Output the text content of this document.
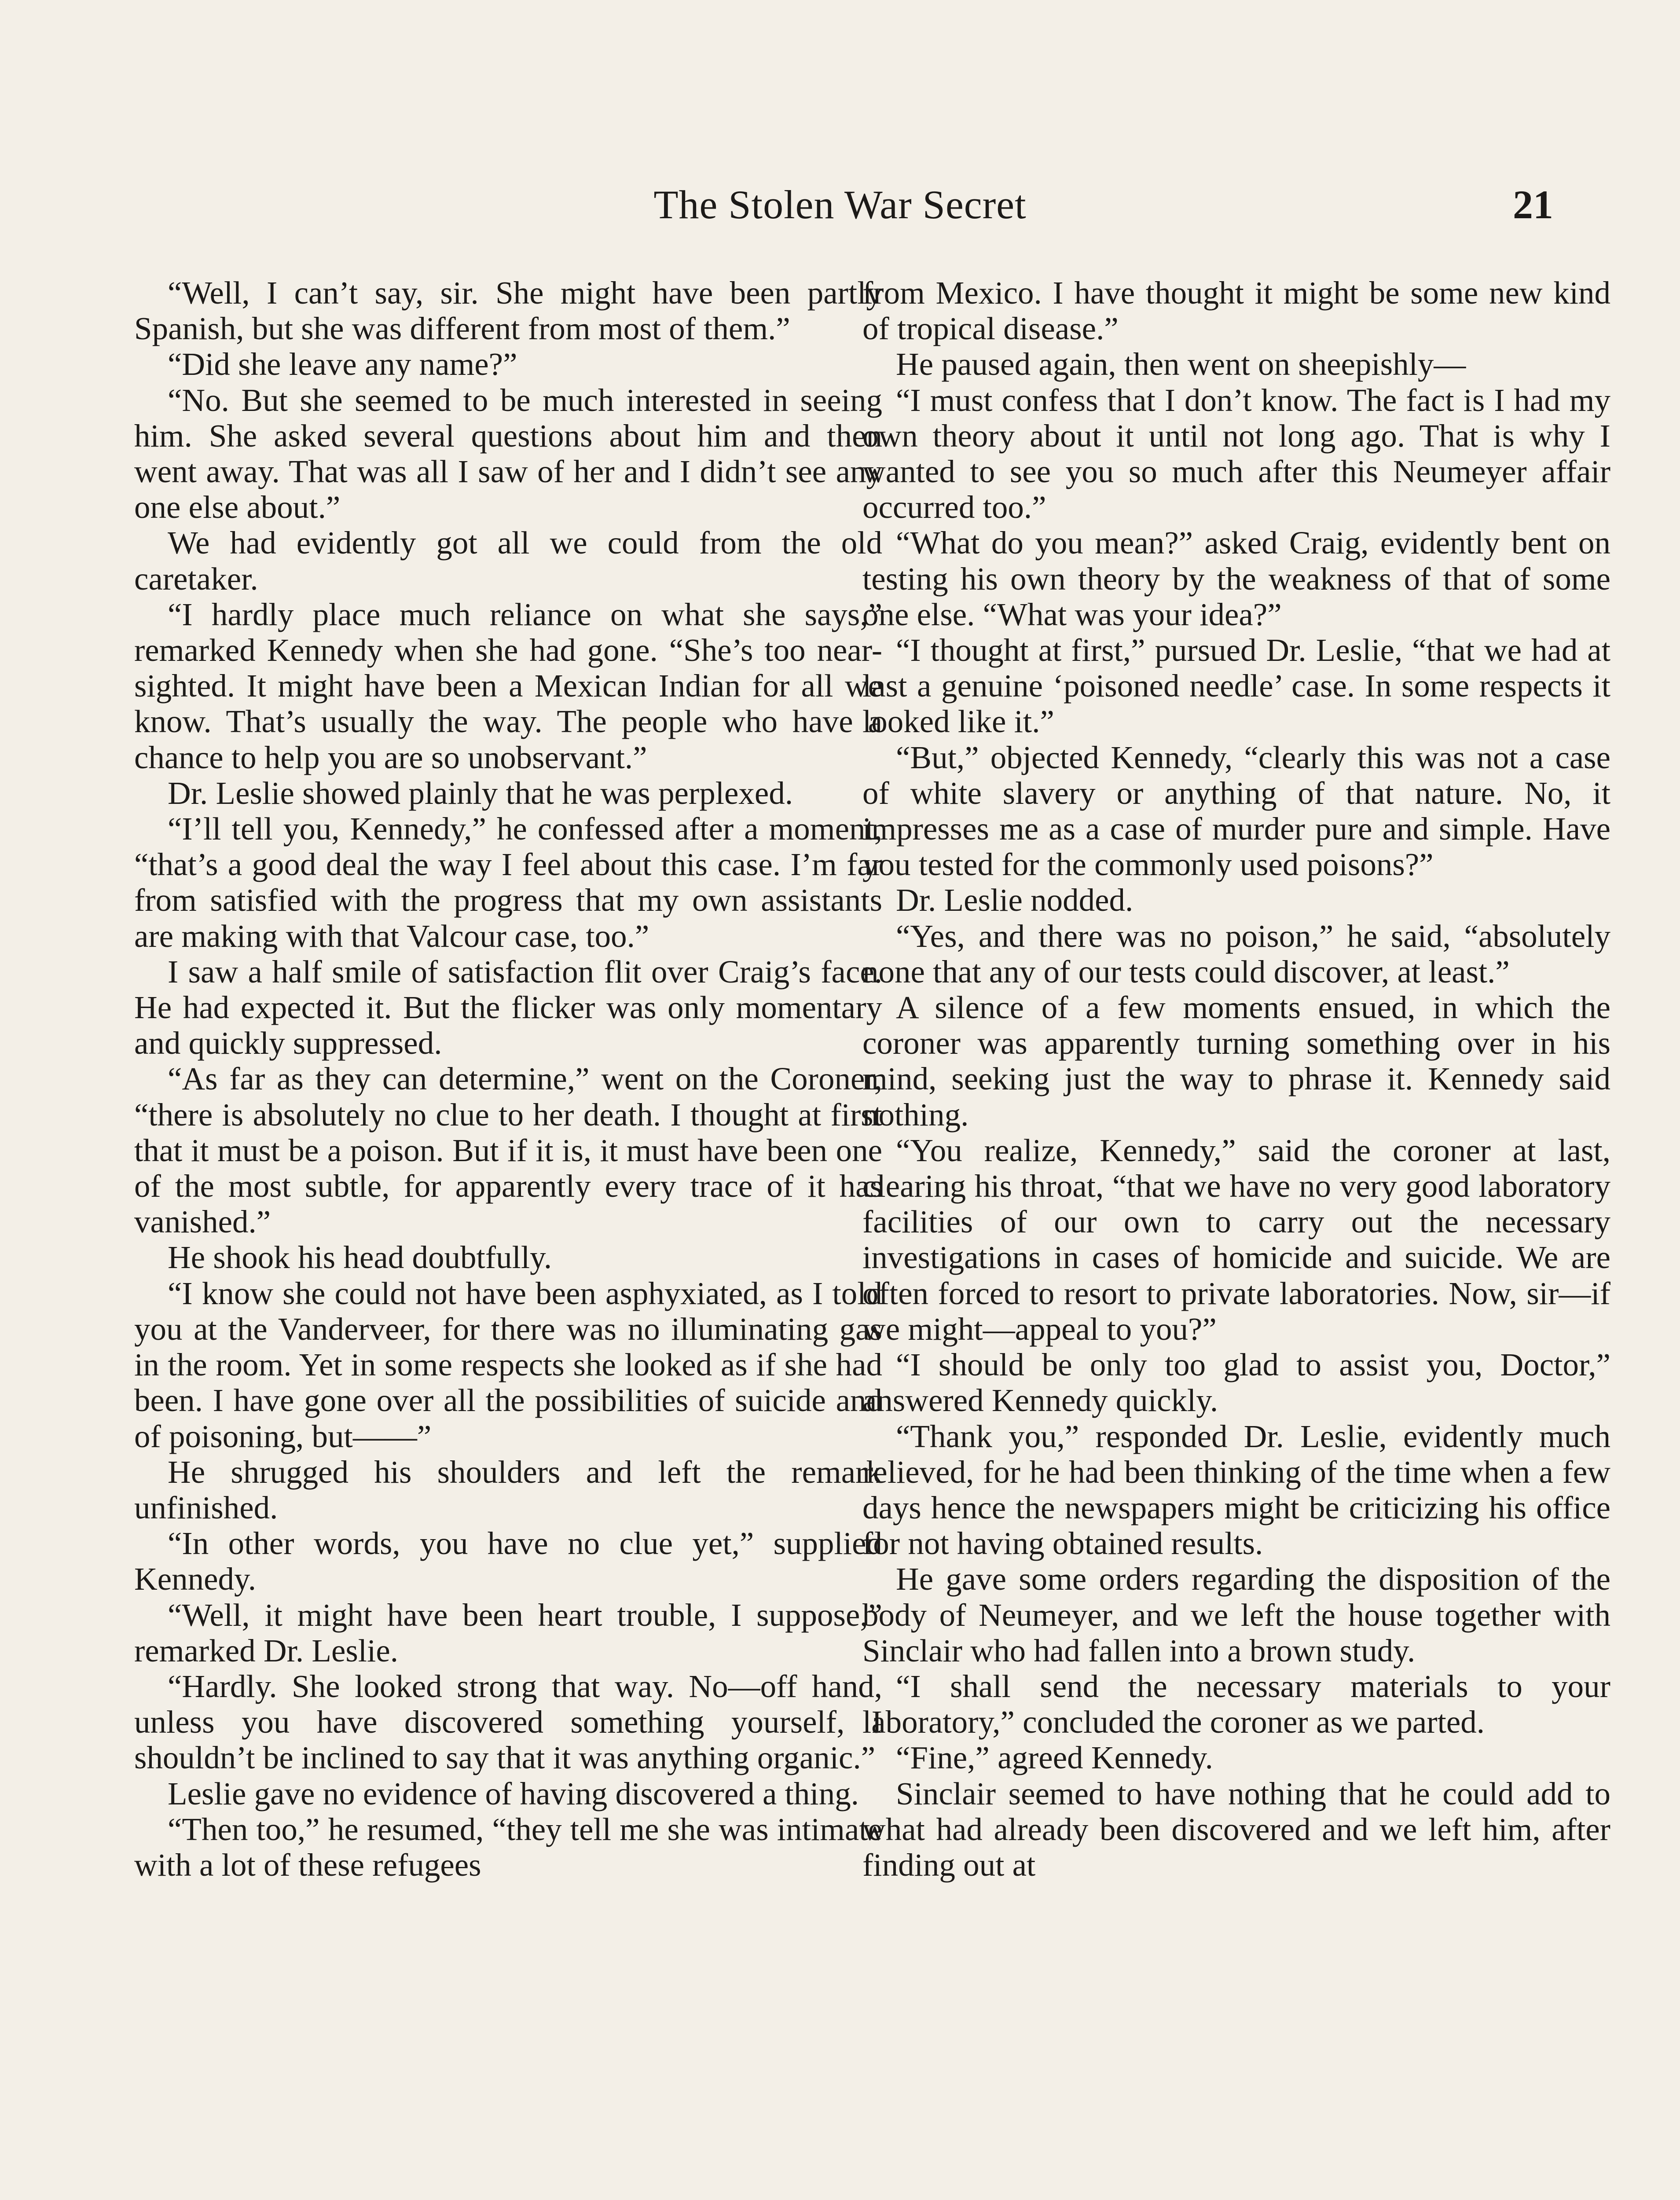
The Stolen War Secret	21

“Well, I can’t say, sir. She might have been partly Spanish, but she was different from most of them.”

“Did she leave any name?”

“No. But she seemed to be much interested in seeing him. She asked several questions about him and then went away. That was all I saw of her and I didn’t see any one else about.”

We had evidently got all we could from the old caretaker.

“I hardly place much reliance on what she says,” remarked Kennedy when she had gone. “She’s too near-sighted. It might have been a Mexican Indian for all we know. That’s usually the way. The people who have a chance to help you are so unobservant.”

Dr. Leslie showed plainly that he was perplexed.

“I’ll tell you, Kennedy,” he confessed after a moment, “that’s a good deal the way I feel about this case. I’m far from satisfied with the progress that my own assistants are making with that Valcour case, too.”

I saw a half smile of satisfaction flit over Craig’s face. He had expected it. But the flicker was only momentary and quickly suppressed.

“As far as they can determine,” went on the Coroner, “there is absolutely no clue to her death. I thought at first that it must be a poison. But if it is, it must have been one of the most subtle, for apparently every trace of it has vanished.”

He shook his head doubtfully.

“I know she could not have been asphyxiated, as I told you at the Vanderveer, for there was no illuminating gas in the room. Yet in some respects she looked as if she had been. I have gone over all the possibilities of suicide and of poisoning, but——”

He shrugged his shoulders and left the remark unfinished.

“In other words, you have no clue yet,” supplied Kennedy.

“Well, it might have been heart trouble, I suppose,” remarked Dr. Leslie.

“Hardly. She looked strong that way. No—off hand, unless you have discovered something yourself, I shouldn’t be inclined to say that it was anything organic.”

Leslie gave no evidence of having discovered a thing.

“Then too,” he resumed, “they tell me she was intimate with a lot of these refugees

from Mexico. I have thought it might be some new kind of tropical disease.”

He paused again, then went on sheepishly—

“I must confess that I don’t know. The fact is I had my own theory about it until not long ago. That is why I wanted to see you so much after this Neumeyer affair occurred too.”

“What do you mean?” asked Craig, evidently bent on testing his own theory by the weakness of that of some one else. “What was your idea?”

“I thought at first,” pursued Dr. Leslie, “that we had at last a genuine ‘poisoned needle’ case. In some respects it looked like it.”

“But,” objected Kennedy, “clearly this was not a case of white slavery or anything of that nature. No, it impresses me as a case of murder pure and simple. Have you tested for the commonly used poisons?”

Dr. Leslie nodded.

“Yes, and there was no poison,” he said, “absolutely none that any of our tests could discover, at least.”

A silence of a few moments ensued, in which the coroner was apparently turning something over in his mind, seeking just the way to phrase it. Kennedy said nothing.

“You realize, Kennedy,” said the coroner at last, clearing his throat, “that we have no very good laboratory facilities of our own to carry out the necessary investigations in cases of homicide and suicide. We are often forced to resort to private laboratories. Now, sir—if we might—appeal to you?”

“I should be only too glad to assist you, Doctor,” answered Kennedy quickly.

“Thank you,” responded Dr. Leslie, evidently much relieved, for he had been thinking of the time when a few days hence the newspapers might be criticizing his office for not having obtained results.

He gave some orders regarding the disposition of the body of Neumeyer, and we left the house together with Sinclair who had fallen into a brown study.

“I shall send the necessary materials to your laboratory,” concluded the coroner as we parted.

“Fine,” agreed Kennedy.

Sinclair seemed to have nothing that he could add to what had already been discovered and we left him, after finding out at
